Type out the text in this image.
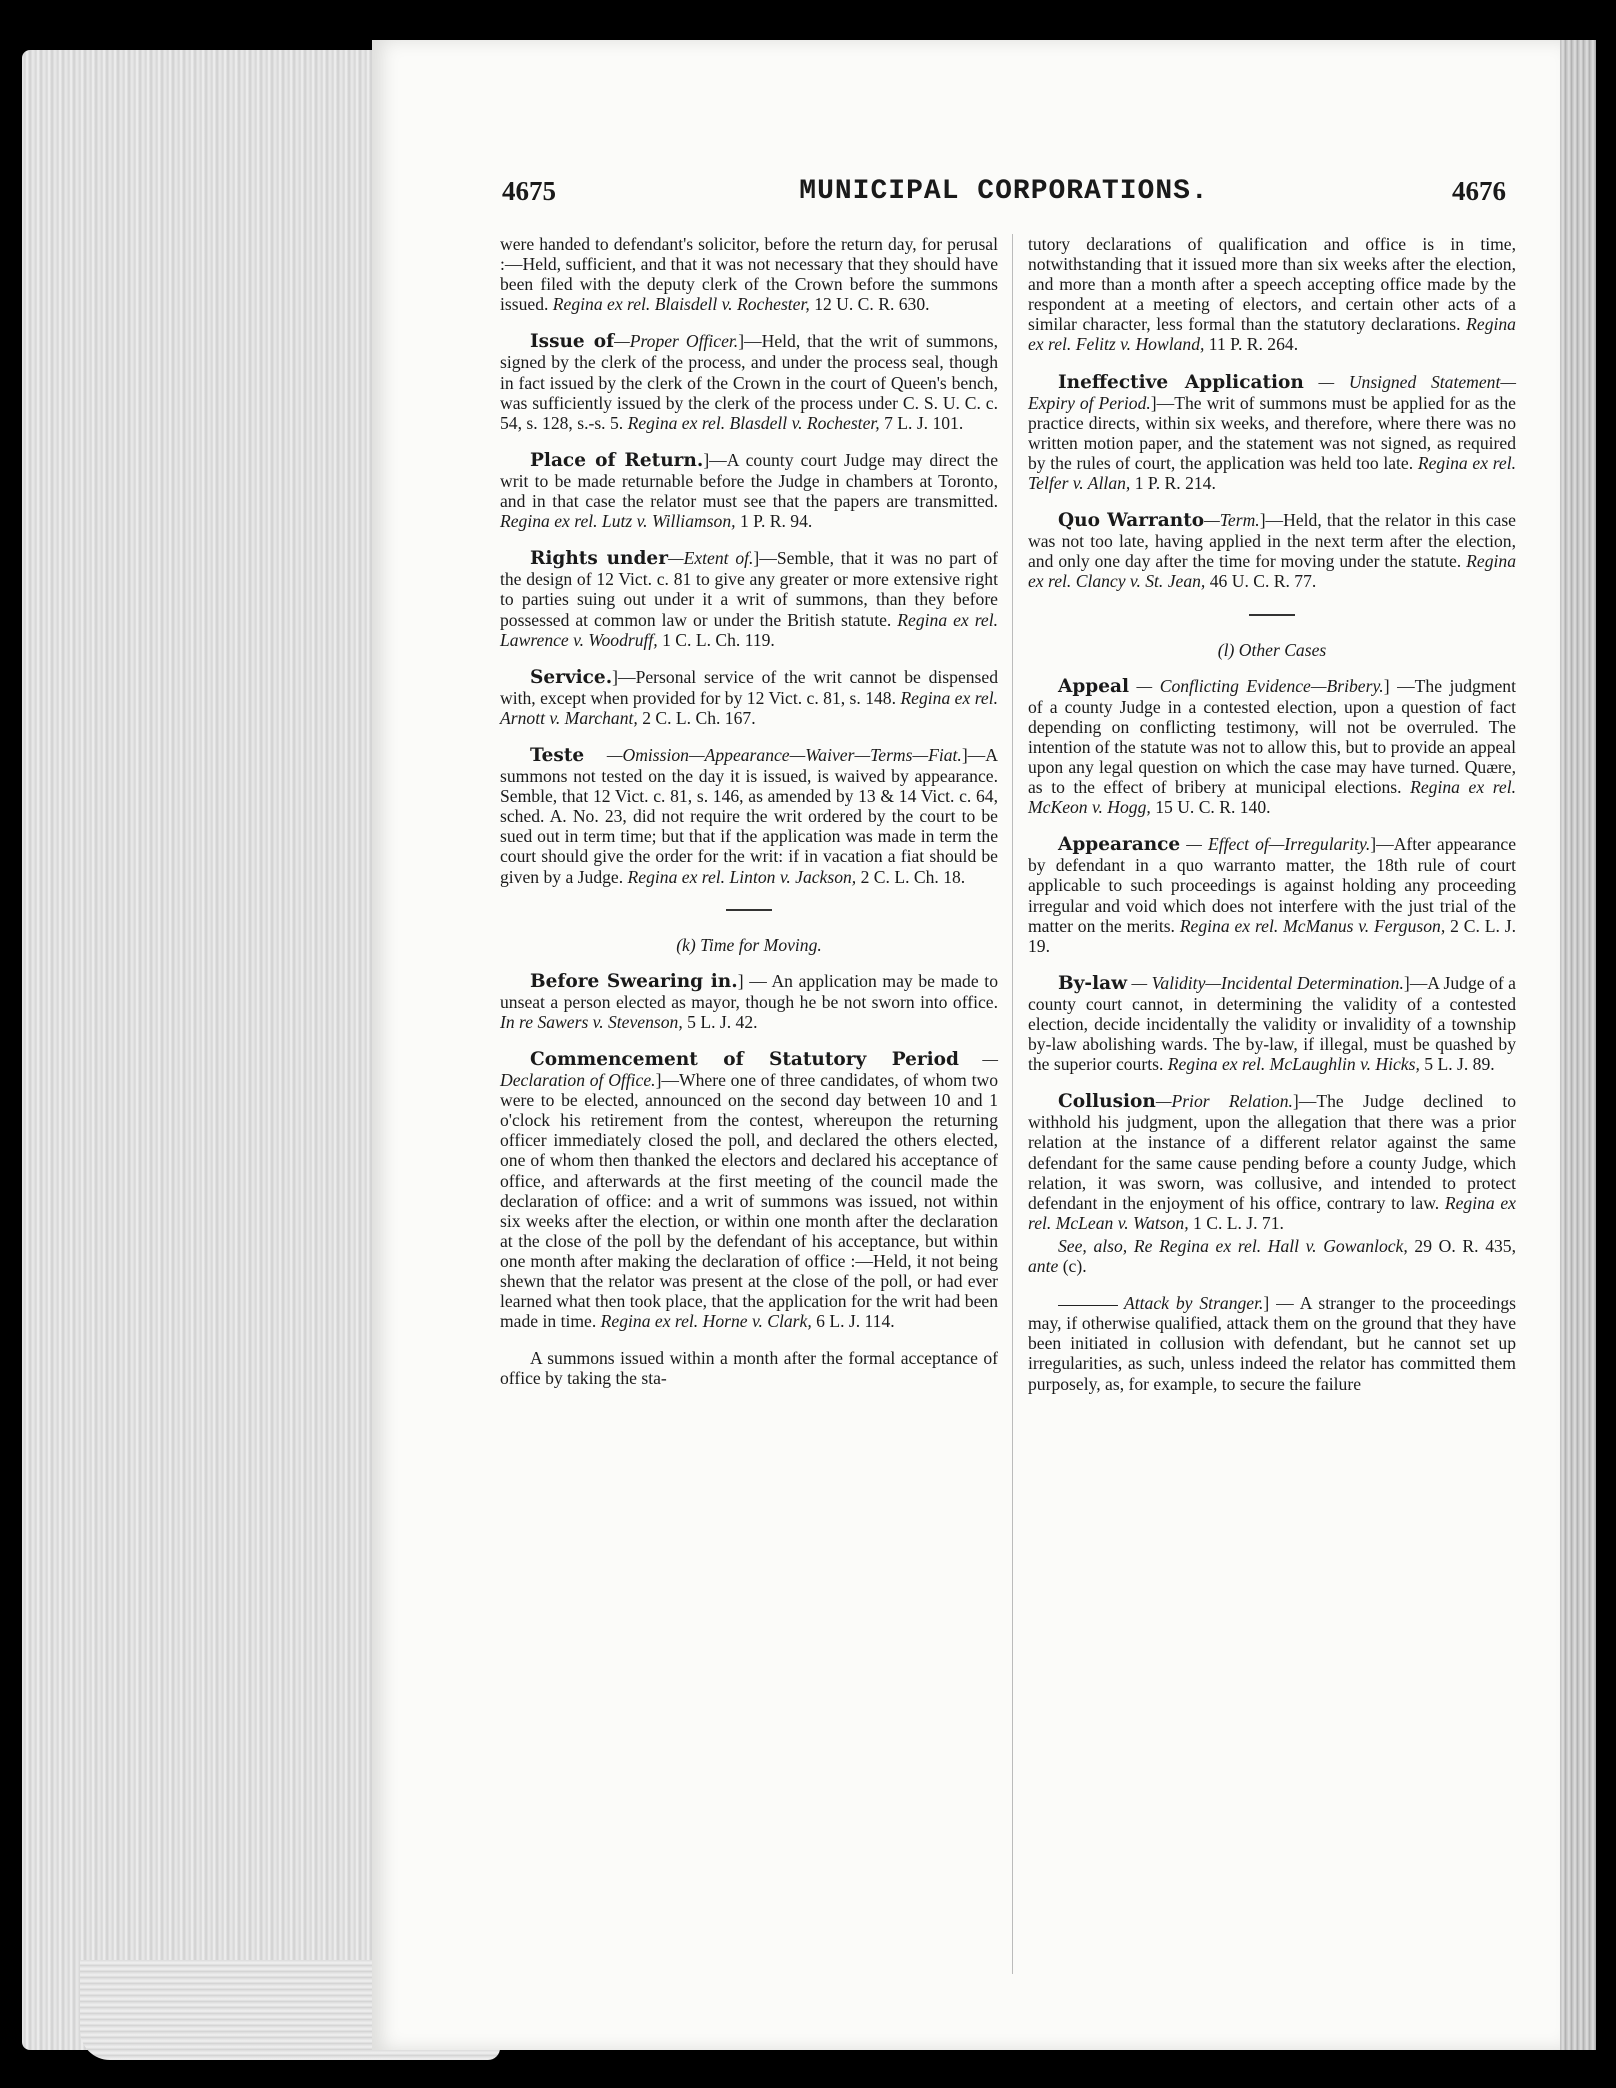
4675	MUNICIPAL CORPORATIONS.	4676

were handed to defendant's solicitor, before the return day, for perusal :—Held, sufficient, and that it was not necessary that they should have been filed with the deputy clerk of the Crown before the summons issued. Regina ex rel. Blaisdell v. Rochester, 12 U. C. R. 630.

Issue of—Proper Officer.]—Held, that the writ of summons, signed by the clerk of the process, and under the process seal, though in fact issued by the clerk of the Crown in the court of Queen's bench, was sufficiently issued by the clerk of the process under C. S. U. C. c. 54, s. 128, s.-s. 5. Regina ex rel. Blasdell v. Rochester, 7 L. J. 101.

Place of Return.]—A county court Judge may direct the writ to be made returnable before the Judge in chambers at Toronto, and in that case the relator must see that the papers are transmitted. Regina ex rel. Lutz v. Williamson, 1 P. R. 94.

Rights under—Extent of.]—Semble, that it was no part of the design of 12 Vict. c. 81 to give any greater or more extensive right to parties suing out under it a writ of summons, than they before possessed at common law or under the British statute. Regina ex rel. Lawrence v. Woodruff, 1 C. L. Ch. 119.

Service.]—Personal service of the writ cannot be dispensed with, except when provided for by 12 Vict. c. 81, s. 148. Regina ex rel. Arnott v. Marchant, 2 C. L. Ch. 167.

Teste —Omission—Appearance—Waiver—Terms—Fiat.]—A summons not tested on the day it is issued, is waived by appearance. Semble, that 12 Vict. c. 81, s. 146, as amended by 13 & 14 Vict. c. 64, sched. A. No. 23, did not require the writ ordered by the court to be sued out in term time; but that if the application was made in term the court should give the order for the writ: if in vacation a fiat should be given by a Judge. Regina ex rel. Linton v. Jackson, 2 C. L. Ch. 18.

(k) Time for Moving.

Before Swearing in.] — An application may be made to unseat a person elected as mayor, though he be not sworn into office. In re Sawers v. Stevenson, 5 L. J. 42.

Commencement of Statutory Period —Declaration of Office.]—Where one of three candidates, of whom two were to be elected, announced on the second day between 10 and 1 o'clock his retirement from the contest, whereupon the returning officer immediately closed the poll, and declared the others elected, one of whom then thanked the electors and declared his acceptance of office, and afterwards at the first meeting of the council made the declaration of office: and a writ of summons was issued, not within six weeks after the election, or within one month after the declaration at the close of the poll by the defendant of his acceptance, but within one month after making the declaration of office :—Held, it not being shewn that the relator was present at the close of the poll, or had ever learned what then took place, that the application for the writ had been made in time. Regina ex rel. Horne v. Clark, 6 L. J. 114.

A summons issued within a month after the formal acceptance of office by taking the sta-

tutory declarations of qualification and office is in time, notwithstanding that it issued more than six weeks after the election, and more than a month after a speech accepting office made by the respondent at a meeting of electors, and certain other acts of a similar character, less formal than the statutory declarations. Regina ex rel. Felitz v. Howland, 11 P. R. 264.

Ineffective Application — Unsigned Statement—Expiry of Period.]—The writ of summons must be applied for as the practice directs, within six weeks, and therefore, where there was no written motion paper, and the statement was not signed, as required by the rules of court, the application was held too late. Regina ex rel. Telfer v. Allan, 1 P. R. 214.

Quo Warranto—Term.]—Held, that the relator in this case was not too late, having applied in the next term after the election, and only one day after the time for moving under the statute. Regina ex rel. Clancy v. St. Jean, 46 U. C. R. 77.

(l) Other Cases

Appeal — Conflicting Evidence—Bribery.] —The judgment of a county Judge in a contested election, upon a question of fact depending on conflicting testimony, will not be overruled. The intention of the statute was not to allow this, but to provide an appeal upon any legal question on which the case may have turned. Quære, as to the effect of bribery at municipal elections. Regina ex rel. McKeon v. Hogg, 15 U. C. R. 140.

Appearance — Effect of—Irregularity.]—After appearance by defendant in a quo warranto matter, the 18th rule of court applicable to such proceedings is against holding any proceeding irregular and void which does not interfere with the just trial of the matter on the merits. Regina ex rel. McManus v. Ferguson, 2 C. L. J. 19.

By-law — Validity—Incidental Determination.]—A Judge of a county court cannot, in determining the validity of a contested election, decide incidentally the validity or invalidity of a township by-law abolishing wards. The by-law, if illegal, must be quashed by the superior courts. Regina ex rel. McLaughlin v. Hicks, 5 L. J. 89.

Collusion—Prior Relation.]—The Judge declined to withhold his judgment, upon the allegation that there was a prior relation at the instance of a different relator against the same defendant for the same cause pending before a county Judge, which relation, it was sworn, was collusive, and intended to protect defendant in the enjoyment of his office, contrary to law. Regina ex rel. McLean v. Watson, 1 C. L. J. 71.

See, also, Re Regina ex rel. Hall v. Gowanlock, 29 O. R. 435, ante (c).

Attack by Stranger.] — A stranger to the proceedings may, if otherwise qualified, attack them on the ground that they have been initiated in collusion with defendant, but he cannot set up irregularities, as such, unless indeed the relator has committed them purposely, as, for example, to secure the failure
